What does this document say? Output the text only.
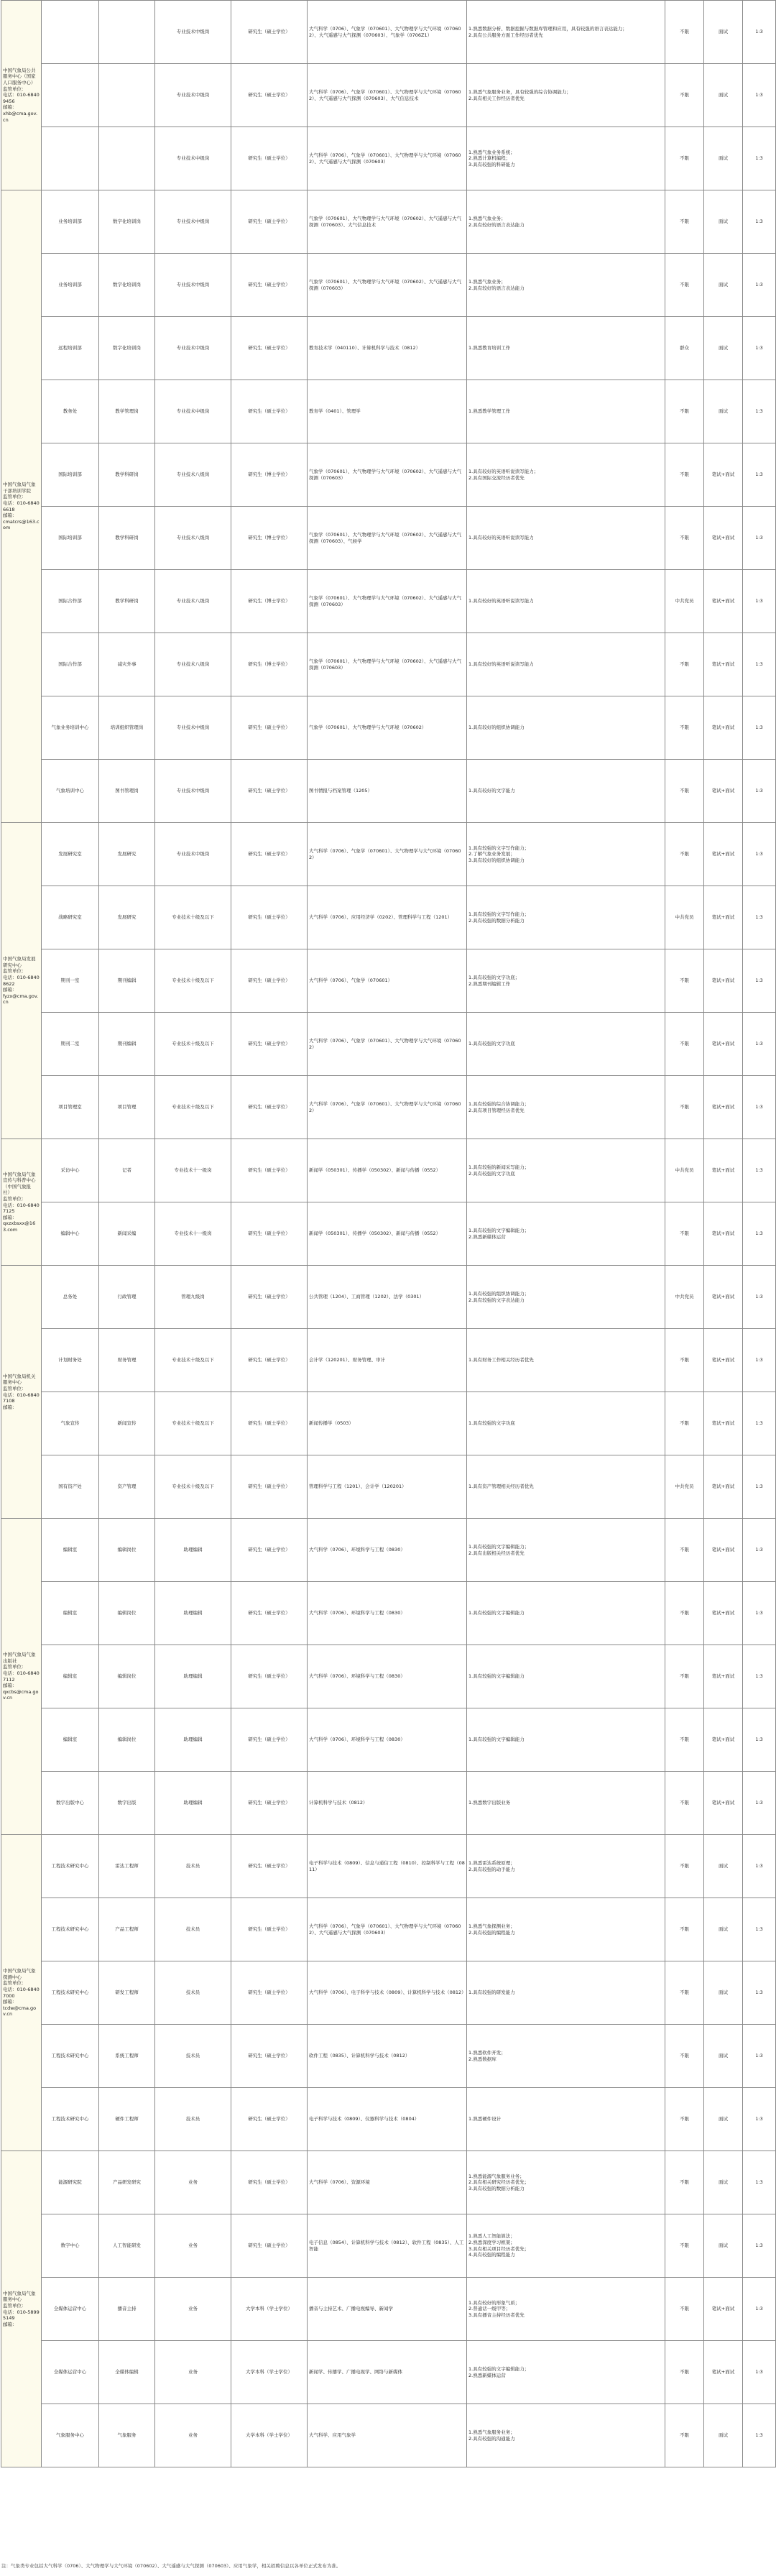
中国气象局公共服务中心（国家人口服务中心）
监管单位：
电话：010-68409456
邮箱：
xhb@cma.gov.cn			专业技术中级岗	研究生（硕士学位）	大气科学（0706）、气象学（070601）、大气物理学与大气环境（070602）、大气遥感与大气探测（070603）、气象学（0706Z1）	1.熟悉数据分析、数据挖掘与数据库管理和应用，具有较强的语言表达能力；
2.具有公共服务方面工作经历者优先	不限	面试	1:3
			专业技术中级岗	研究生（硕士学位）	大气科学（0706）、气象学（070601）、大气物理学与大气环境（070602）、大气遥感与大气探测（070603）、大气信息技术	1.熟悉气象服务业务，具有较强的综合协调能力；
2.具有相关工作经历者优先	不限	面试	1:3
			专业技术中级岗	研究生（硕士学位）	大气科学（0706）、气象学（070601）、大气物理学与大气环境（070602）、大气遥感与大气探测（070603）	1.熟悉气象业务系统；
2.熟悉计算机编程；
3.具有较强的科研能力	不限	面试	1:3
中国气象局气象干部培训学院
监管单位：
电话：010-68406618
邮箱：
cmatcrs@163.com	业务培训部	数字化培训岗	专业技术中级岗	研究生（硕士学位）	气象学（070601）、大气物理学与大气环境（070602）、大气遥感与大气探测（070603）、大气信息技术	1.熟悉气象业务；
2.具有较好的语言表达能力	不限	面试	1:3
	业务培训部	数字化培训岗	专业技术中级岗	研究生（硕士学位）	气象学（070601）、大气物理学与大气环境（070602）、大气遥感与大气探测（070603）	1.熟悉气象业务；
2.具有较好的语言表达能力	不限	面试	1:3
	远程培训部	数字化培训岗	专业技术中级岗	研究生（硕士学位）	教育技术学（040110）、计算机科学与技术（0812）	1.熟悉教育培训工作	群众	面试	1:3
	教务处	教学管理岗	专业技术中级岗	研究生（硕士学位）	教育学（0401）、管理学	1.熟悉教学管理工作	不限	面试	1:3
	国际培训部	教学科研岗	专业技术八级岗	研究生（博士学位）	气象学（070601）、大气物理学与大气环境（070602）、大气遥感与大气探测（070603）	1.具有较好的英语听说读写能力；
2.具有国际交流经历者优先	不限	笔试+面试	1:3
	国际培训部	教学科研岗	专业技术八级岗	研究生（博士学位）	气象学（070601）、大气物理学与大气环境（070602）、大气遥感与大气探测（070603）、气候学	1.具有较好的英语听说读写能力	不限	笔试+面试	1:3
	国际合作部	教学科研岗	专业技术八级岗	研究生（博士学位）	气象学（070601）、大气物理学与大气环境（070602）、大气遥感与大气探测（070603）	1.具有较好的英语听说读写能力	中共党员	笔试+面试	1:3
	国际合作部	减灾外事	专业技术八级岗	研究生（博士学位）	气象学（070601）、大气物理学与大气环境（070602）、大气遥感与大气探测（070603）	1.具有较好的英语听说读写能力	不限	笔试+面试	1:3
	气象业务培训中心	培训组织管理岗	专业技术中级岗	研究生（硕士学位）	气象学（070601）、大气物理学与大气环境（070602）	1.具有较好的组织协调能力	不限	笔试+面试	1:3
	气象培训中心	图书管理岗	专业技术中级岗	研究生（硕士学位）	图书情报与档案管理（1205）	1.具有较好的文字能力	不限	笔试+面试	1:3
中国气象局发展研究中心
监管单位：
电话：010-68408622
邮箱：
fyzx@cma.gov.cn	发展研究室	发展研究	专业技术中级岗	研究生（硕士学位）	大气科学（0706）、气象学（070601）、大气物理学与大气环境（070602）	1.具有较强的文字写作能力；
2.了解气象业务发展；
3.具有较好的组织协调能力	不限	笔试+面试	1:3
	战略研究室	发展研究	专业技术十级及以下	研究生（硕士学位）	大气科学（0706）、应用经济学（0202）、管理科学与工程（1201）	1.具有较强的文字写作能力；
2.具有较强的数据分析能力	中共党员	笔试+面试	1:3
	期刊一室	期刊编辑	专业技术十级及以下	研究生（硕士学位）	大气科学（0706）、气象学（070601）	1.具有较强的文字功底；
2.熟悉期刊编辑工作	不限	笔试+面试	1:3
	期刊二室	期刊编辑	专业技术十级及以下	研究生（硕士学位）	大气科学（0706）、气象学（070601）、大气物理学与大气环境（070602）	1.具有较强的文字功底	不限	笔试+面试	1:3
	项目管理室	项目管理	专业技术十级及以下	研究生（硕士学位）	大气科学（0706）、气象学（070601）、大气物理学与大气环境（070602）	1.具有较强的综合协调能力；
2.具有项目管理经历者优先	不限	笔试+面试	1:3
中国气象局气象宣传与科普中心（中国气象报社）
监管单位：
电话：010-68407125
邮箱：
qxzxbsxx@163.com	采访中心	记者	专业技术十一级岗	研究生（硕士学位）	新闻学（050301）、传播学（050302）、新闻与传播（0552）	1.具有较强的新闻采写能力；
2.具有较强的文字功底	中共党员	笔试+面试	1:3
	编辑中心	新闻采编	专业技术十一级岗	研究生（硕士学位）	新闻学（050301）、传播学（050302）、新闻与传播（0552）	1.具有较强的文字编辑能力；
2.熟悉新媒体运营	不限	笔试+面试	1:3
中国气象局机关服务中心
监管单位：
电话：010-68407108
邮箱：	总务处	行政管理	管理九级岗	研究生（硕士学位）	公共管理（1204）、工商管理（1202）、法学（0301）	1.具有较强的组织协调能力；
2.具有较强的文字表达能力	中共党员	笔试+面试	1:3
	计划财务处	财务管理	专业技术十级及以下	研究生（硕士学位）	会计学（120201）、财务管理、审计	1.具有财务工作相关经历者优先	不限	笔试+面试	1:3
	气象宣传	新闻宣传	专业技术十级及以下	研究生（硕士学位）	新闻传播学（0503）	1.具有较强的文字功底	不限	笔试+面试	1:3
	国有资产处	资产管理	专业技术十级及以下	研究生（硕士学位）	管理科学与工程（1201）、会计学（120201）	1.具有资产管理相关经历者优先	中共党员	笔试+面试	1:3
中国气象局气象出版社
监管单位：
电话：010-68407112
邮箱：
qxcbs@cma.gov.cn	编辑室	编辑岗位	助理编辑	研究生（硕士学位）	大气科学（0706）、环境科学与工程（0830）	1.具有较强的文字编辑能力；
2.具有出版相关经历者优先	不限	笔试+面试	1:3
	编辑室	编辑岗位	助理编辑	研究生（硕士学位）	大气科学（0706）、环境科学与工程（0830）	1.具有较强的文字编辑能力	不限	笔试+面试	1:3
	编辑室	编辑岗位	助理编辑	研究生（硕士学位）	大气科学（0706）、环境科学与工程（0830）	1.具有较强的文字编辑能力	不限	笔试+面试	1:3
	编辑室	编辑岗位	助理编辑	研究生（硕士学位）	大气科学（0706）、环境科学与工程（0830）	1.具有较强的文字编辑能力	不限	笔试+面试	1:3
	数字出版中心	数字出版	助理编辑	研究生（硕士学位）	计算机科学与技术（0812）	1.熟悉数字出版业务	不限	笔试+面试	1:3
中国气象局气象探测中心
监管单位：
电话：010-68407000
邮箱：
tcdw@cma.gov.cn	工程技术研究中心	雷达工程师	技术员	研究生（硕士学位）	电子科学与技术（0809）、信息与通信工程（0810）、控制科学与工程（0811）	1.熟悉雷达系统原理；
2.具有较强的动手能力	不限	面试	1:3
	工程技术研究中心	产品工程师	技术员	研究生（硕士学位）	大气科学（0706）、气象学（070601）、大气物理学与大气环境（070602）、大气遥感与大气探测（070603）	1.熟悉气象探测业务；
2.具有较强的编程能力	不限	面试	1:3
	工程技术研究中心	研发工程师	技术员	研究生（硕士学位）	大气科学（0706）、电子科学与技术（0809）、计算机科学与技术（0812）	1.具有较强的研发能力	不限	面试	1:3
	工程技术研究中心	系统工程师	技术员	研究生（硕士学位）	软件工程（0835）、计算机科学与技术（0812）	1.熟悉软件开发；
2.熟悉数据库	不限	面试	1:3
	工程技术研究中心	硬件工程师	技术员	研究生（硕士学位）	电子科学与技术（0809）、仪器科学与技术（0804）	1.熟悉硬件设计	不限	面试	1:3
中国气象局气象服务中心
监管单位：
电话：010-58995149
邮箱：	能源研究院	产品研发研究	业务	研究生（硕士学位）	大气科学（0706）、资源环境	1.熟悉能源气象服务业务；
2.具有相关研究经历者优先；
3.具有较强的数据分析能力	不限	面试	1:3
	数字中心	人工智能研发	业务	研究生（硕士学位）	电子信息（0854）、计算机科学与技术（0812）、软件工程（0835）、人工智能	1.熟悉人工智能算法；
2.熟悉深度学习框架；
3.具有相关项目经历者优先；
4.具有较强的编程能力	不限	面试	1:3
	全媒体运营中心	播音主持	业务	大学本科（学士学位）	播音与主持艺术、广播电视编导、新闻学	1.具有较好的形象气质；
2.普通话一级甲等；
3.具有播音主持经历者优先	不限	笔试+面试	1:3
	全媒体运营中心	全媒体编辑	业务	大学本科（学士学位）	新闻学、传播学、广播电视学、网络与新媒体	1.具有较强的文字编辑能力；
2.熟悉新媒体运营	不限	笔试+面试	1:3
	气象服务中心	气象服务	业务	大学本科（学士学位）	大气科学、应用气象学	1.熟悉气象服务业务；
2.具有较强的沟通能力	不限	面试	1:3
注：气象类专业包括大气科学（0706）、大气物理学与大气环境（070602）、大气遥感与大气探测（070603）、应用气象学，相关招聘信息以各单位正式发布为准。
